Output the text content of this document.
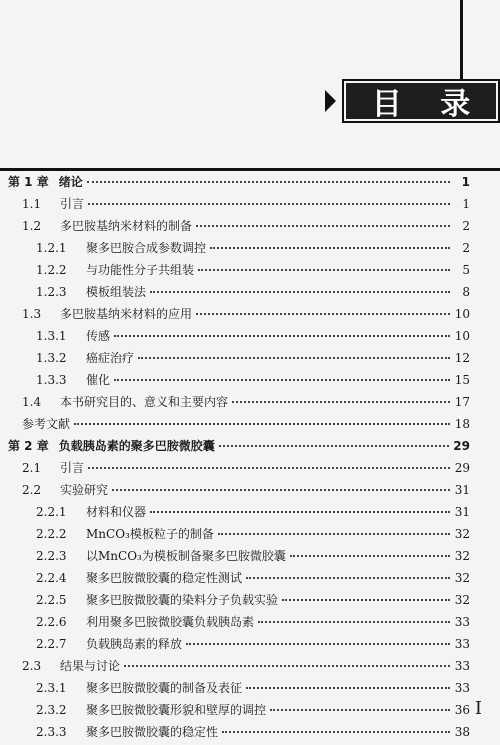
目 录
第 1 章 绪论	1
1.1	引言	1
1.2	多巴胺基纳米材料的制备	2
1.2.1	聚多巴胺合成参数调控	2
1.2.2	与功能性分子共组装	5
1.2.3	模板组装法	8
1.3	多巴胺基纳米材料的应用	10
1.3.1	传感	10
1.3.2	癌症治疗	12
1.3.3	催化	15
1.4	本书研究目的、意义和主要内容	17
参考文献	18
第 2 章 负载胰岛素的聚多巴胺微胶囊	29
2.1	引言	29
2.2	实验研究	31
2.2.1	材料和仪器	31
2.2.2	MnCO₃模板粒子的制备	32
2.2.3	以MnCO₃为模板制备聚多巴胺微胶囊	32
2.2.4	聚多巴胺微胶囊的稳定性测试	32
2.2.5	聚多巴胺微胶囊的染料分子负载实验	32
2.2.6	利用聚多巴胺微胶囊负载胰岛素	33
2.2.7	负载胰岛素的释放	33
2.3	结果与讨论	33
2.3.1	聚多巴胺微胶囊的制备及表征	33
2.3.2	聚多巴胺微胶囊形貌和壁厚的调控	36
2.3.3	聚多巴胺微胶囊的稳定性	38
I
